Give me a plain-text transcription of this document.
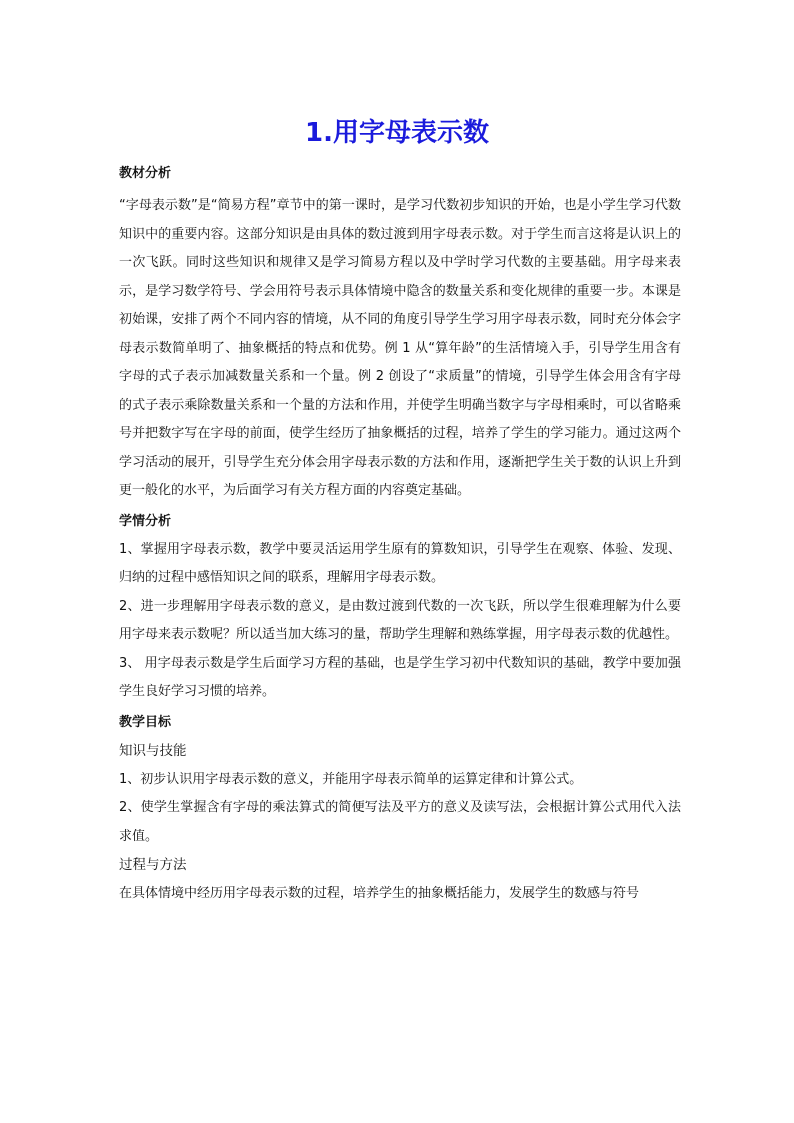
1.用字母表示数

教材分析

“字母表示数”是“简易方程”章节中的第一课时，是学习代数初步知识的开始，也是小学生学习代数知识中的重要内容。这部分知识是由具体的数过渡到用字母表示数。对于学生而言这将是认识上的一次飞跃。同时这些知识和规律又是学习简易方程以及中学时学习代数的主要基础。用字母来表示，是学习数学符号、学会用符号表示具体情境中隐含的数量关系和变化规律的重要一步。本课是初始课，安排了两个不同内容的情境，从不同的角度引导学生学习用字母表示数，同时充分体会字母表示数简单明了、抽象概括的特点和优势。例 1 从“算年龄”的生活情境入手，引导学生用含有字母的式子表示加减数量关系和一个量。例 2 创设了“求质量”的情境，引导学生体会用含有字母的式子表示乘除数量关系和一个量的方法和作用，并使学生明确当数字与字母相乘时，可以省略乘号并把数字写在字母的前面，使学生经历了抽象概括的过程，培养了学生的学习能力。通过这两个学习活动的展开，引导学生充分体会用字母表示数的方法和作用，逐渐把学生关于数的认识上升到更一般化的水平，为后面学习有关方程方面的内容奠定基础。

学情分析

1、掌握用字母表示数，教学中要灵活运用学生原有的算数知识，引导学生在观察、体验、发现、归纳的过程中感悟知识之间的联系，理解用字母表示数。

2、进一步理解用字母表示数的意义，是由数过渡到代数的一次飞跃，所以学生很难理解为什么要用字母来表示数呢？所以适当加大练习的量，帮助学生理解和熟练掌握，用字母表示数的优越性。

3、 用字母表示数是学生后面学习方程的基础，也是学生学习初中代数知识的基础，教学中要加强学生良好学习习惯的培养。

教学目标

知识与技能

1、初步认识用字母表示数的意义，并能用字母表示简单的运算定律和计算公式。

2、使学生掌握含有字母的乘法算式的简便写法及平方的意义及读写法，会根据计算公式用代入法求值。

过程与方法

在具体情境中经历用字母表示数的过程，培养学生的抽象概括能力，发展学生的数感与符号
